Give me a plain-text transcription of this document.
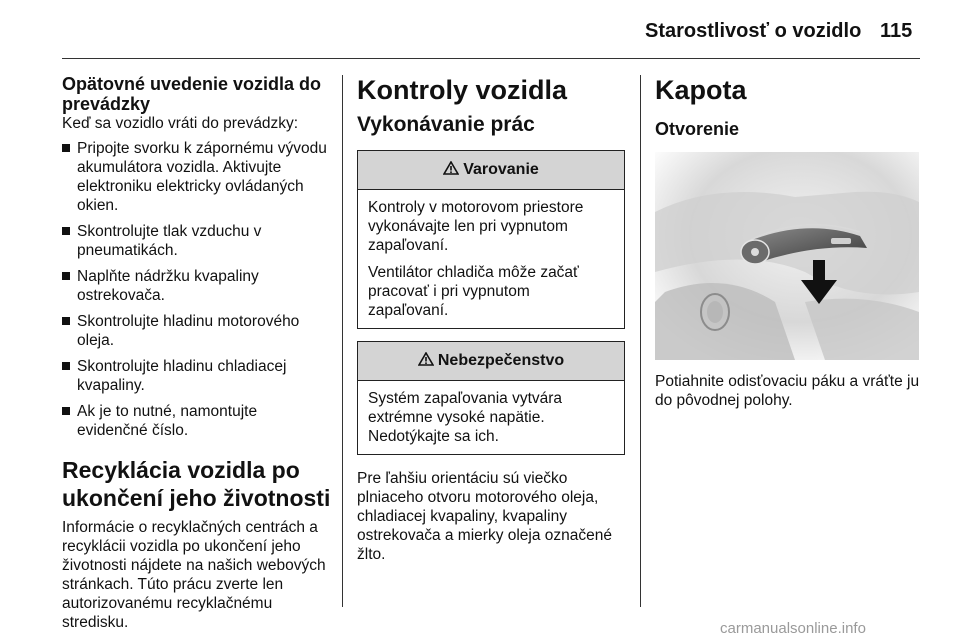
Starostlivosť o vozidlo 115
Opätovné uvedenie vozidla do prevádzky

Keď sa vozidlo vráti do prevádzky:

Pripojte svorku k zápornému vývodu akumulátora vozidla. Aktivujte elektroniku elektricky ovládaných okien.
Skontrolujte tlak vzduchu v pneumatikách.
Naplňte nádržku kvapaliny ostrekovača.
Skontrolujte hladinu motorového oleja.
Skontrolujte hladinu chladiacej kvapaliny.
Ak je to nutné, namontujte evidenčné číslo.
Recyklácia vozidla po ukončení jeho životnosti

Informácie o recyklačných centrách a recyklácii vozidla po ukončení jeho životnosti nájdete na našich webových stránkach. Túto prácu zverte len autorizovanému recyklačnému stredisku.

Kontroly vozidla
Vykonávanie prác
Varovanie

Kontroly v motorovom priestore vykonávajte len pri vypnutom zapaľovaní.

Ventilátor chladiča môže začať pracovať i pri vypnutom zapaľovaní.

Nebezpečenstvo

Systém zapaľovania vytvára extrémne vysoké napätie. Nedotýkajte sa ich.

Pre ľahšiu orientáciu sú viečko plniaceho otvoru motorového oleja, chladiacej kvapaliny, kvapaliny ostrekovača a mierky oleja označené žlto.

Kapota
Otvorenie

Potiahnite odisťovaciu páku a vráťte ju do pôvodnej polohy.

carmanualsonline.info
